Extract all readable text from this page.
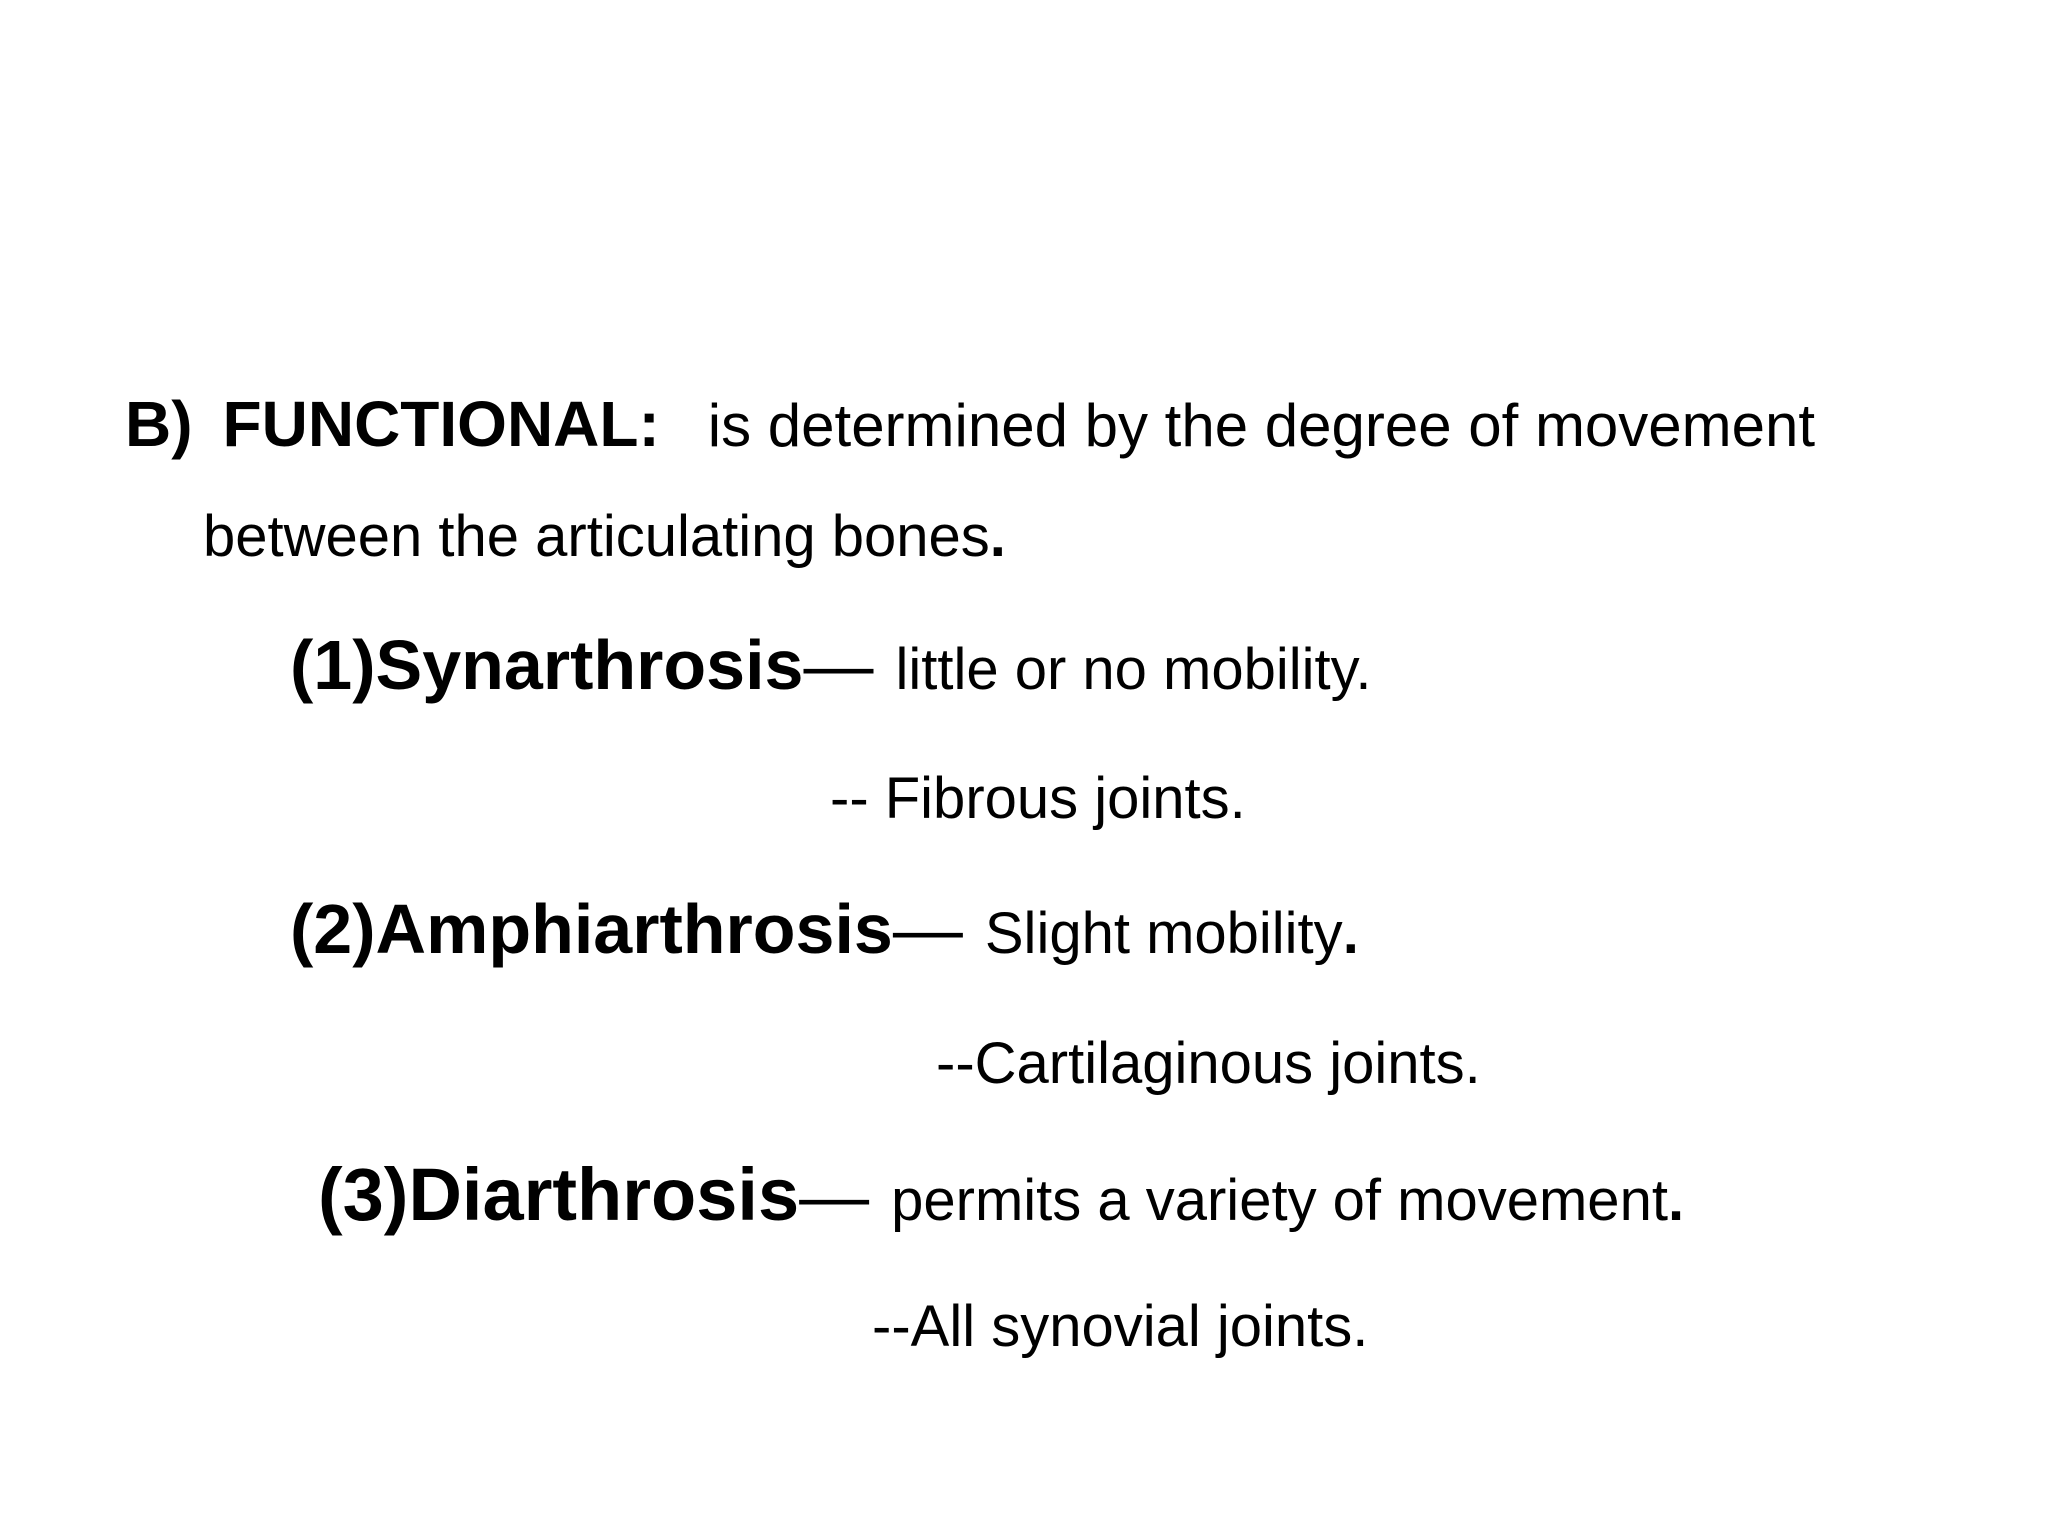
B) FUNCTIONAL: is determined by the degree of movement
between the articulating bones.
(1)Synarthrosis— little or no mobility.
-- Fibrous joints.
(2)Amphiarthrosis— Slight mobility.
--Cartilaginous joints.
(3)Diarthrosis— permits a variety of movement.
--All synovial joints.
